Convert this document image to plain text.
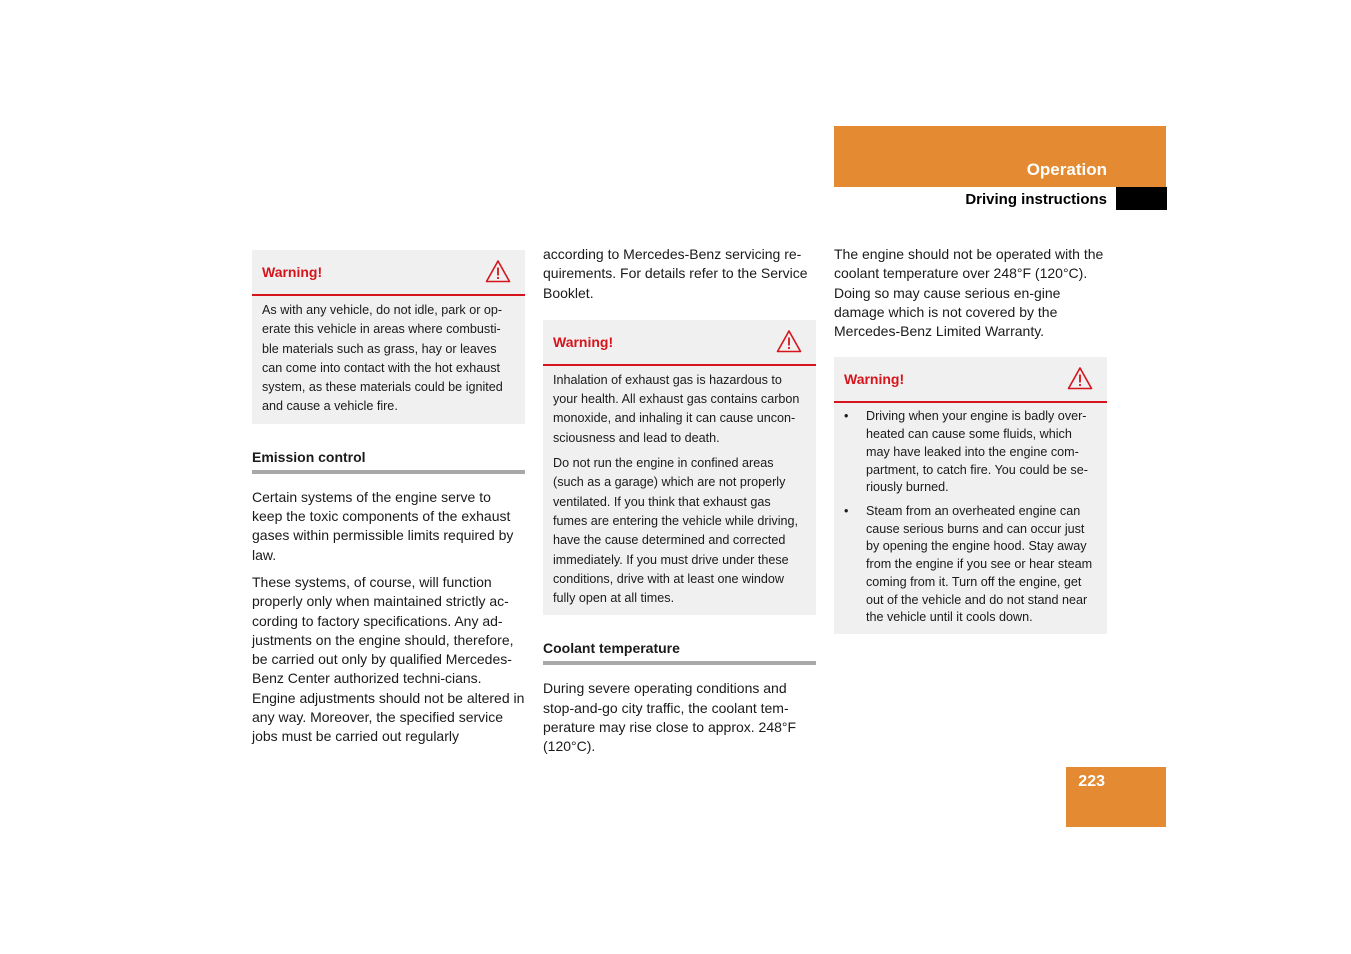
Operation
Driving instructions
Warning!

As with any vehicle, do not idle, park or op-erate this vehicle in areas where combusti-ble materials such as grass, hay or leaves can come into contact with the hot exhaust system, as these materials could be ignited and cause a vehicle fire.

Emission control

Certain systems of the engine serve to keep the toxic components of the exhaust gases within permissible limits required by law.

These systems, of course, will function properly only when maintained strictly ac-cording to factory specifications. Any ad-justments on the engine should, therefore, be carried out only by qualified Mercedes-Benz Center authorized techni-cians. Engine adjustments should not be altered in any way. Moreover, the specified service jobs must be carried out regularly

according to Mercedes-Benz servicing re-quirements. For details refer to the Service Booklet.

Warning!

Inhalation of exhaust gas is hazardous to your health. All exhaust gas contains carbon monoxide, and inhaling it can cause uncon-sciousness and lead to death.

Do not run the engine in confined areas (such as a garage) which are not properly ventilated. If you think that exhaust gas fumes are entering the vehicle while driving, have the cause determined and corrected immediately. If you must drive under these conditions, drive with at least one window fully open at all times.

Coolant temperature

During severe operating conditions and stop-and-go city traffic, the coolant tem-perature may rise close to approx. 248°F (120°C).

The engine should not be operated with the coolant temperature over 248°F (120°C). Doing so may cause serious en-gine damage which is not covered by the Mercedes-Benz Limited Warranty.

Warning!
• Driving when your engine is badly over-heated can cause some fluids, which may have leaked into the engine com-partment, to catch fire. You could be se-riously burned.
• Steam from an overheated engine can cause serious burns and can occur just by opening the engine hood. Stay away from the engine if you see or hear steam coming from it. Turn off the engine, get out of the vehicle and do not stand near the vehicle until it cools down.
223
